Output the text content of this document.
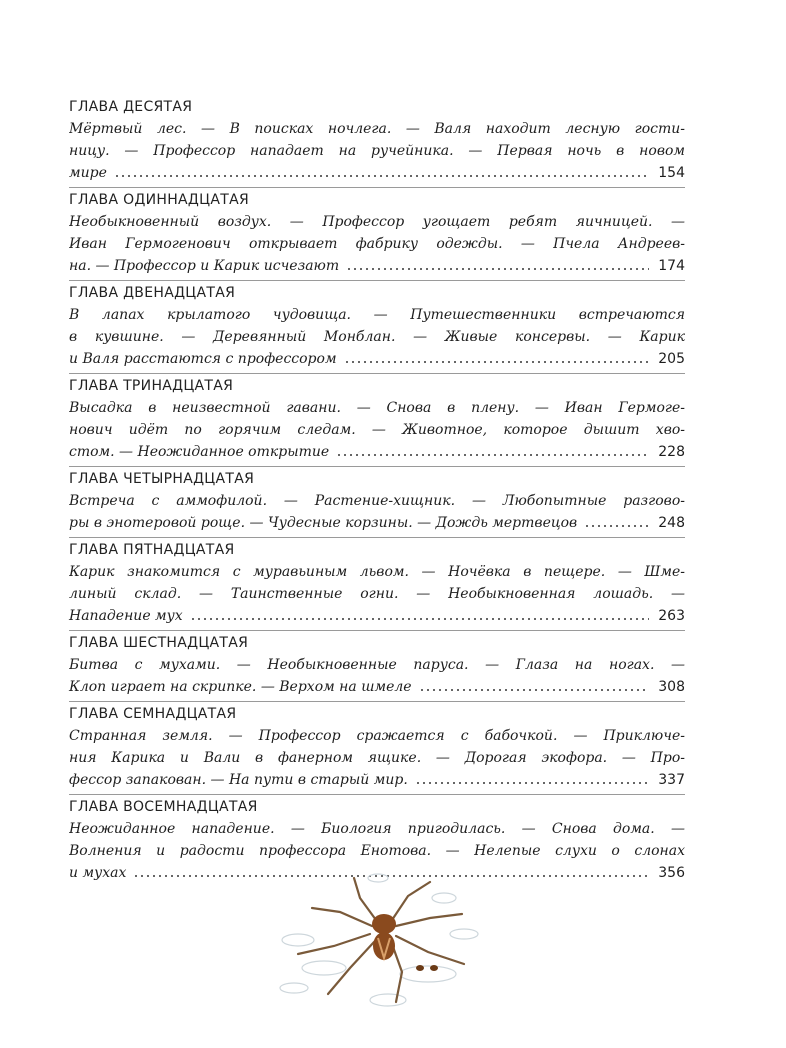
ГЛАВА ДЕСЯТАЯ
Мёртвый лес. — В поисках ночлега. — Валя находит лесную гости-
ницу. — Профессор нападает на ручейника. — Первая ночь в новом
мире	154
ГЛАВА ОДИННАДЦАТАЯ
Необыкновенный воздух. — Профессор угощает ребят яичницей. —
Иван Гермогенович открывает фабрику одежды. — Пчела Андреев-
на. — Профессор и Карик исчезают	174
ГЛАВА ДВЕНАДЦАТАЯ
В лапах крылатого чудовища. — Путешественники встречаются
в кувшине. — Деревянный Монблан. — Живые консервы. — Карик
и Валя расстаются с профессором	205
ГЛАВА ТРИНАДЦАТАЯ
Высадка в неизвестной гавани. — Снова в плену. — Иван Гермоге-
нович идёт по горячим следам. — Животное, которое дышит хво-
стом. — Неожиданное открытие	228
ГЛАВА ЧЕТЫРНАДЦАТАЯ
Встреча с аммофилой. — Растение-хищник. — Любопытные разгово-
ры в энотеровой роще. — Чудесные корзины. — Дождь мертвецов	248
ГЛАВА ПЯТНАДЦАТАЯ
Карик знакомится с муравьиным львом. — Ночёвка в пещере. — Шме-
линый склад. — Таинственные огни. — Необыкновенная лошадь. —
Нападение мух	263
ГЛАВА ШЕСТНАДЦАТАЯ
Битва с мухами. — Необыкновенные паруса. — Глаза на ногах. —
Клоп играет на скрипке. — Верхом на шмеле	308
ГЛАВА СЕМНАДЦАТАЯ
Странная земля. — Профессор сражается с бабочкой. — Приключе-
ния Карика и Вали в фанерном ящике. — Дорогая экофора. — Про-
фессор запакован. — На пути в старый мир.	337
ГЛАВА ВОСЕМНАДЦАТАЯ
Неожиданное нападение. — Биология пригодилась. — Снова дома. —
Волнения и радости профессора Енотова. — Нелепые слухи о слонах
и мухах	356
